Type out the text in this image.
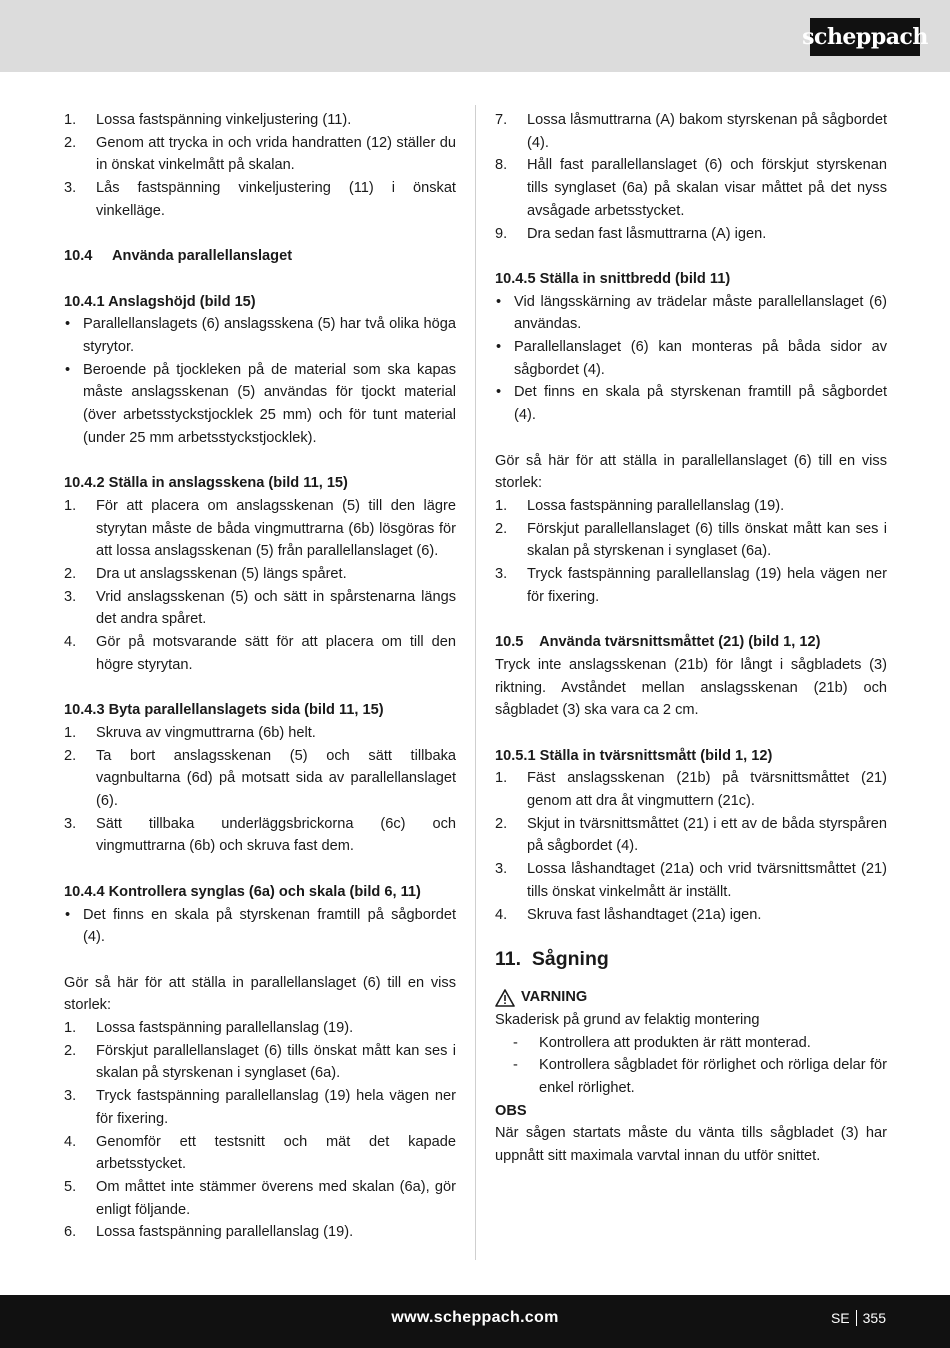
scheppach
1.	Lossa fastspänning vinkeljustering (11).
2.	Genom att trycka in och vrida handratten (12) ställer du in önskat vinkelmått på skalan.
3.	Lås fastspänning vinkeljustering (11) i önskat vinkelläge.
10.4	Använda parallellanslaget
10.4.1 Anslagshöjd (bild 15)
• Parallellanslagets (6) anslagsskena (5) har två olika höga styrytor.
• Beroende på tjockleken på de material som ska kapas måste anslagsskenan (5) användas för tjockt material (över arbetsstyckstjocklek 25 mm) och för tunt material (under 25 mm arbetsstyckstjocklek).
10.4.2 Ställa in anslagsskena (bild 11, 15)
1.	För att placera om anslagsskenan (5) till den lägre styrytan måste de båda vingmuttrarna (6b) lösgöras för att lossa anslagsskenan (5) från parallellanslaget (6).
2.	Dra ut anslagsskenan (5) längs spåret.
3.	Vrid anslagsskenan (5) och sätt in spårstenarna längs det andra spåret.
4.	Gör på motsvarande sätt för att placera om till den högre styrytan.
10.4.3 Byta parallellanslagets sida (bild 11, 15)
1.	Skruva av vingmuttrarna (6b) helt.
2.	Ta bort anslagsskenan (5) och sätt tillbaka vagnbultarna (6d) på motsatt sida av parallellanslaget (6).
3.	Sätt tillbaka underläggsbrickorna (6c) och vingmuttrarna (6b) och skruva fast dem.
10.4.4 Kontrollera synglas (6a) och skala (bild 6, 11)
• Det finns en skala på styrskenan framtill på sågbordet (4).
Gör så här för att ställa in parallellanslaget (6) till en viss storlek:
1.	Lossa fastspänning parallellanslag (19).
2.	Förskjut parallellanslaget (6) tills önskat mått kan ses i skalan på styrskenan i synglaset (6a).
3.	Tryck fastspänning parallellanslag (19) hela vägen ner för fixering.
4.	Genomför ett testsnitt och mät det kapade arbetsstycket.
5.	Om måttet inte stämmer överens med skalan (6a), gör enligt följande.
6.	Lossa fastspänning parallellanslag (19).
7.	Lossa låsmuttrarna (A) bakom styrskenan på sågbordet (4).
8.	Håll fast parallellanslaget (6) och förskjut styrskenan tills synglaset (6a) på skalan visar måttet på det nyss avsågade arbetsstycket.
9.	Dra sedan fast låsmuttrarna (A) igen.
10.4.5 Ställa in snittbredd (bild 11)
• Vid längsskärning av trädelar måste parallellanslaget (6) användas.
• Parallellanslaget (6) kan monteras på båda sidor av sågbordet (4).
• Det finns en skala på styrskenan framtill på sågbordet (4).
Gör så här för att ställa in parallellanslaget (6) till en viss storlek:
1.	Lossa fastspänning parallellanslag (19).
2.	Förskjut parallellanslaget (6) tills önskat mått kan ses i skalan på styrskenan i synglaset (6a).
3.	Tryck fastspänning parallellanslag (19) hela vägen ner för fixering.
10.5    Använda tvärsnittsmåttet (21) (bild 1, 12)
Tryck inte anslagsskenan (21b) för långt i sågbladets (3) riktning. Avståndet mellan anslagsskenan (21b) och sågbladet (3) ska vara ca 2 cm.
10.5.1 Ställa in tvärsnittsmått (bild 1, 12)
1.	Fäst anslagsskenan (21b) på tvärsnittsmåttet (21) genom att dra åt vingmuttern (21c).
2.	Skjut in tvärsnittsmåttet (21) i ett av de båda styrspåren på sågbordet (4).
3.	Lossa låshandtaget (21a) och vrid tvärsnittsmåttet (21) tills önskat vinkelmått är inställt.
4.	Skruva fast låshandtaget (21a) igen.
11.  Sågning
VARNING
Skaderisk på grund av felaktig montering
-	Kontrollera att produkten är rätt monterad.
-	Kontrollera sågbladet för rörlighet och rörliga delar för enkel rörlighet.
OBS
När sågen startats måste du vänta tills sågbladet (3) har uppnått sitt maximala varvtal innan du utför snittet.
www.scheppach.com	SE 355
